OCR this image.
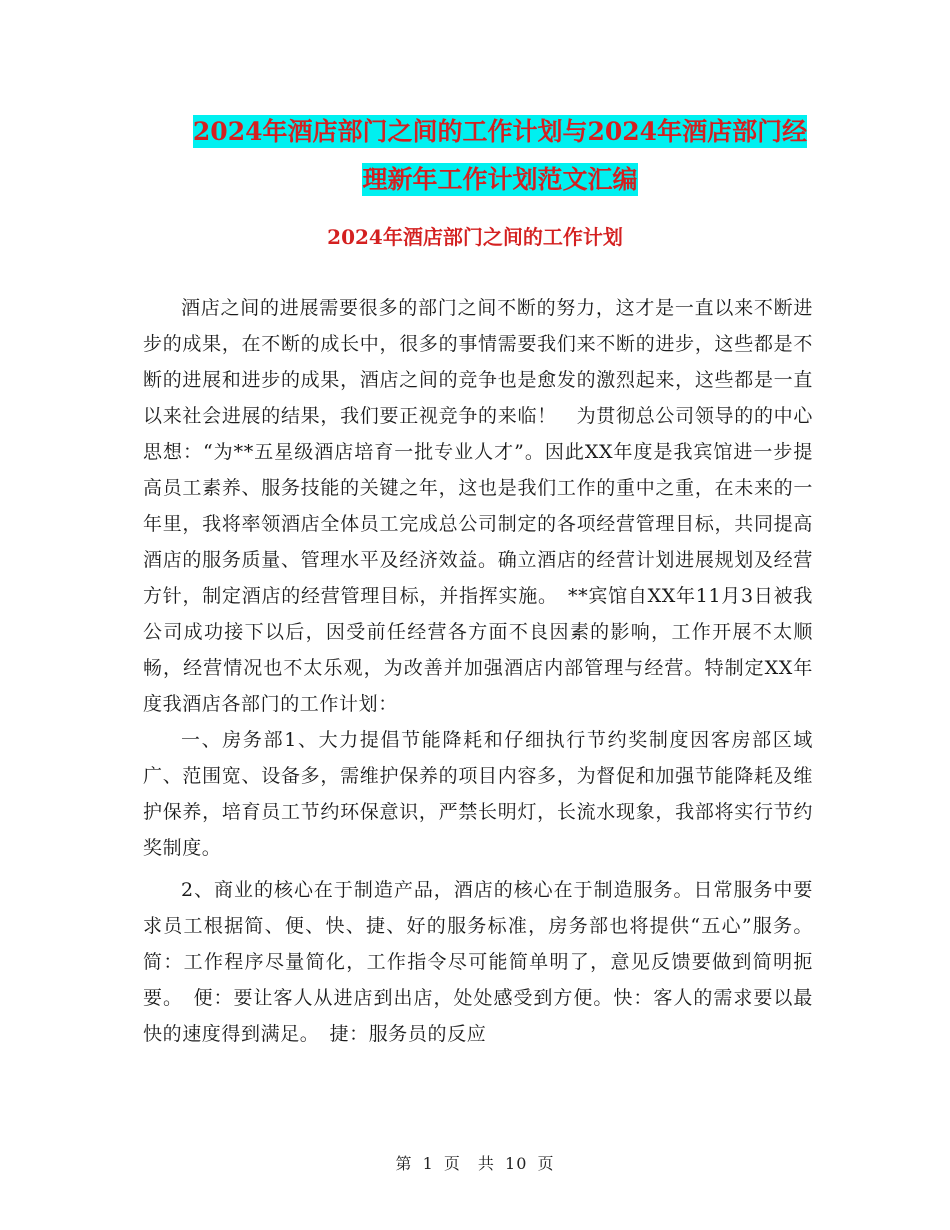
2024年酒店部门之间的工作计划与2024年酒店部门经
理新年工作计划范文汇编
2024年酒店部门之间的工作计划

酒店之间的进展需要很多的部门之间不断的努力，这才是一直以来不断进步的成果，在不断的成长中，很多的事情需要我们来不断的进步，这些都是不断的进展和进步的成果，酒店之间的竞争也是愈发的激烈起来，这些都是一直以来社会进展的结果，我们要正视竞争的来临！　为贯彻总公司领导的的中心思想：“为**五星级酒店培育一批专业人才”。因此XX年度是我宾馆进一步提高员工素养、服务技能的关键之年，这也是我们工作的重中之重，在未来的一年里，我将率领酒店全体员工完成总公司制定的各项经营管理目标，共同提高酒店的服务质量、管理水平及经济效益。确立酒店的经营计划进展规划及经营方针，制定酒店的经营管理目标，并指挥实施。　**宾馆自XX年11月3日被我公司成功接下以后，因受前任经营各方面不良因素的影响，工作开展不太顺畅，经营情况也不太乐观，为改善并加强酒店内部管理与经营。特制定XX年度我酒店各部门的工作计划：

一、房务部1、大力提倡节能降耗和仔细执行节约奖制度因客房部区域广、范围宽、设备多，需维护保养的项目内容多，为督促和加强节能降耗及维护保养，培育员工节约环保意识，严禁长明灯，长流水现象，我部将实行节约奖制度。

2、商业的核心在于制造产品，酒店的核心在于制造服务。日常服务中要求员工根据简、便、快、捷、好的服务标准，房务部也将提供“五心”服务。简：工作程序尽量简化，工作指令尽可能简单明了，意见反馈要做到简明扼要。　便：要让客人从进店到出店，处处感受到方便。快：客人的需求要以最快的速度得到满足。　捷：服务员的反应

第 1 页　共 10 页
